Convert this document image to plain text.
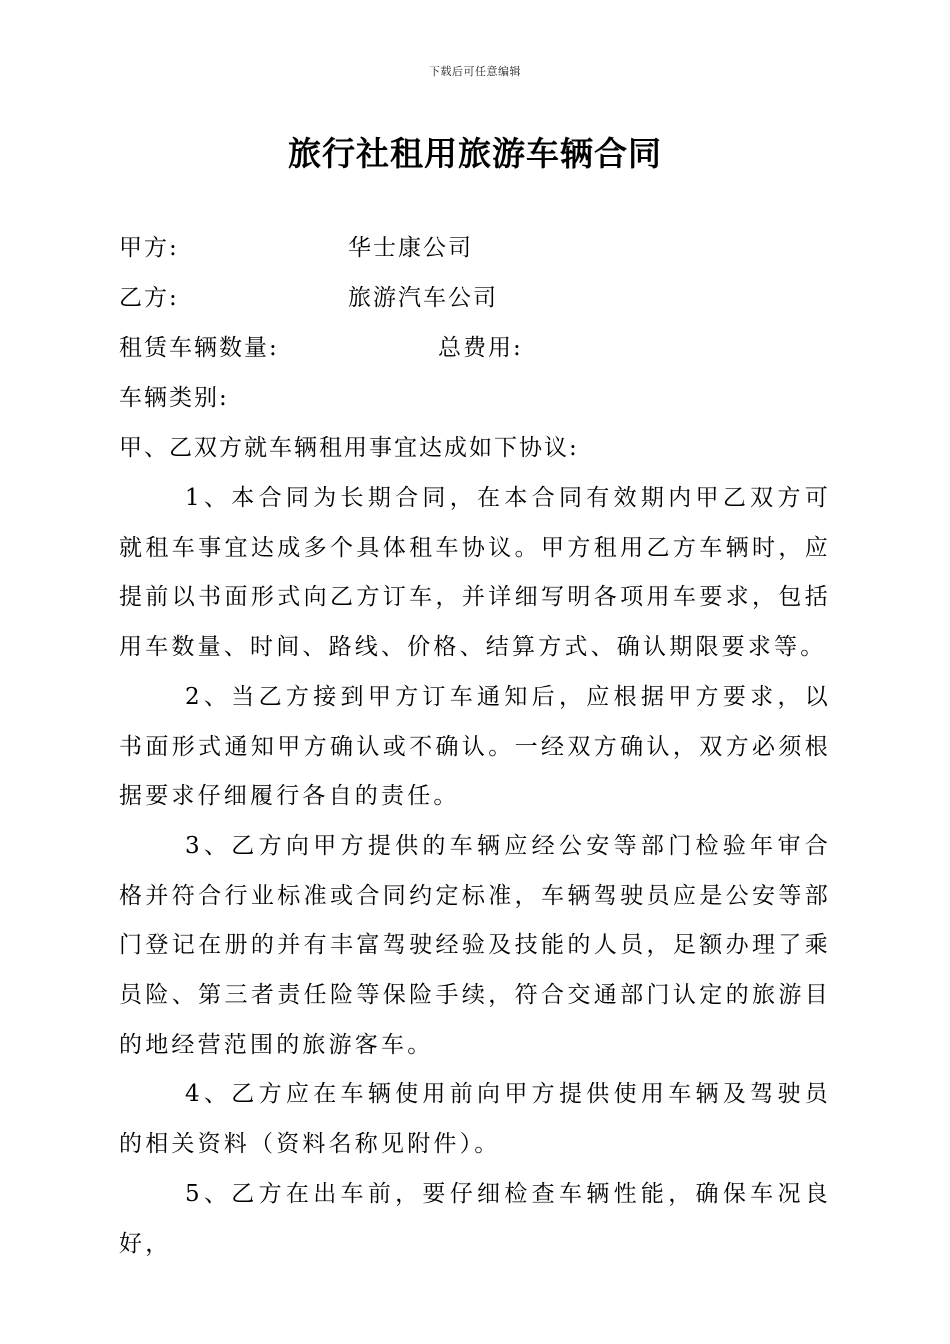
下载后可任意编辑
旅行社租用旅游车辆合同
甲方:	华士康公司
乙方:	旅游汽车公司
租赁车辆数量:	总费用:
车辆类别:
甲、乙双方就车辆租用事宜达成如下协议:

1、本合同为长期合同，在本合同有效期内甲乙双方可就租车事宜达成多个具体租车协议。甲方租用乙方车辆时，应提前以书面形式向乙方订车，并详细写明各项用车要求，包括用车数量、时间、路线、价格、结算方式、确认期限要求等。

2、当乙方接到甲方订车通知后，应根据甲方要求，以书面形式通知甲方确认或不确认。一经双方确认，双方必须根据要求仔细履行各自的责任。

3、乙方向甲方提供的车辆应经公安等部门检验年审合格并符合行业标准或合同约定标准，车辆驾驶员应是公安等部门登记在册的并有丰富驾驶经验及技能的人员，足额办理了乘员险、第三者责任险等保险手续，符合交通部门认定的旅游目的地经营范围的旅游客车。

4、乙方应在车辆使用前向甲方提供使用车辆及驾驶员的相关资料（资料名称见附件）。

5、乙方在出车前，要仔细检查车辆性能，确保车况良好，
